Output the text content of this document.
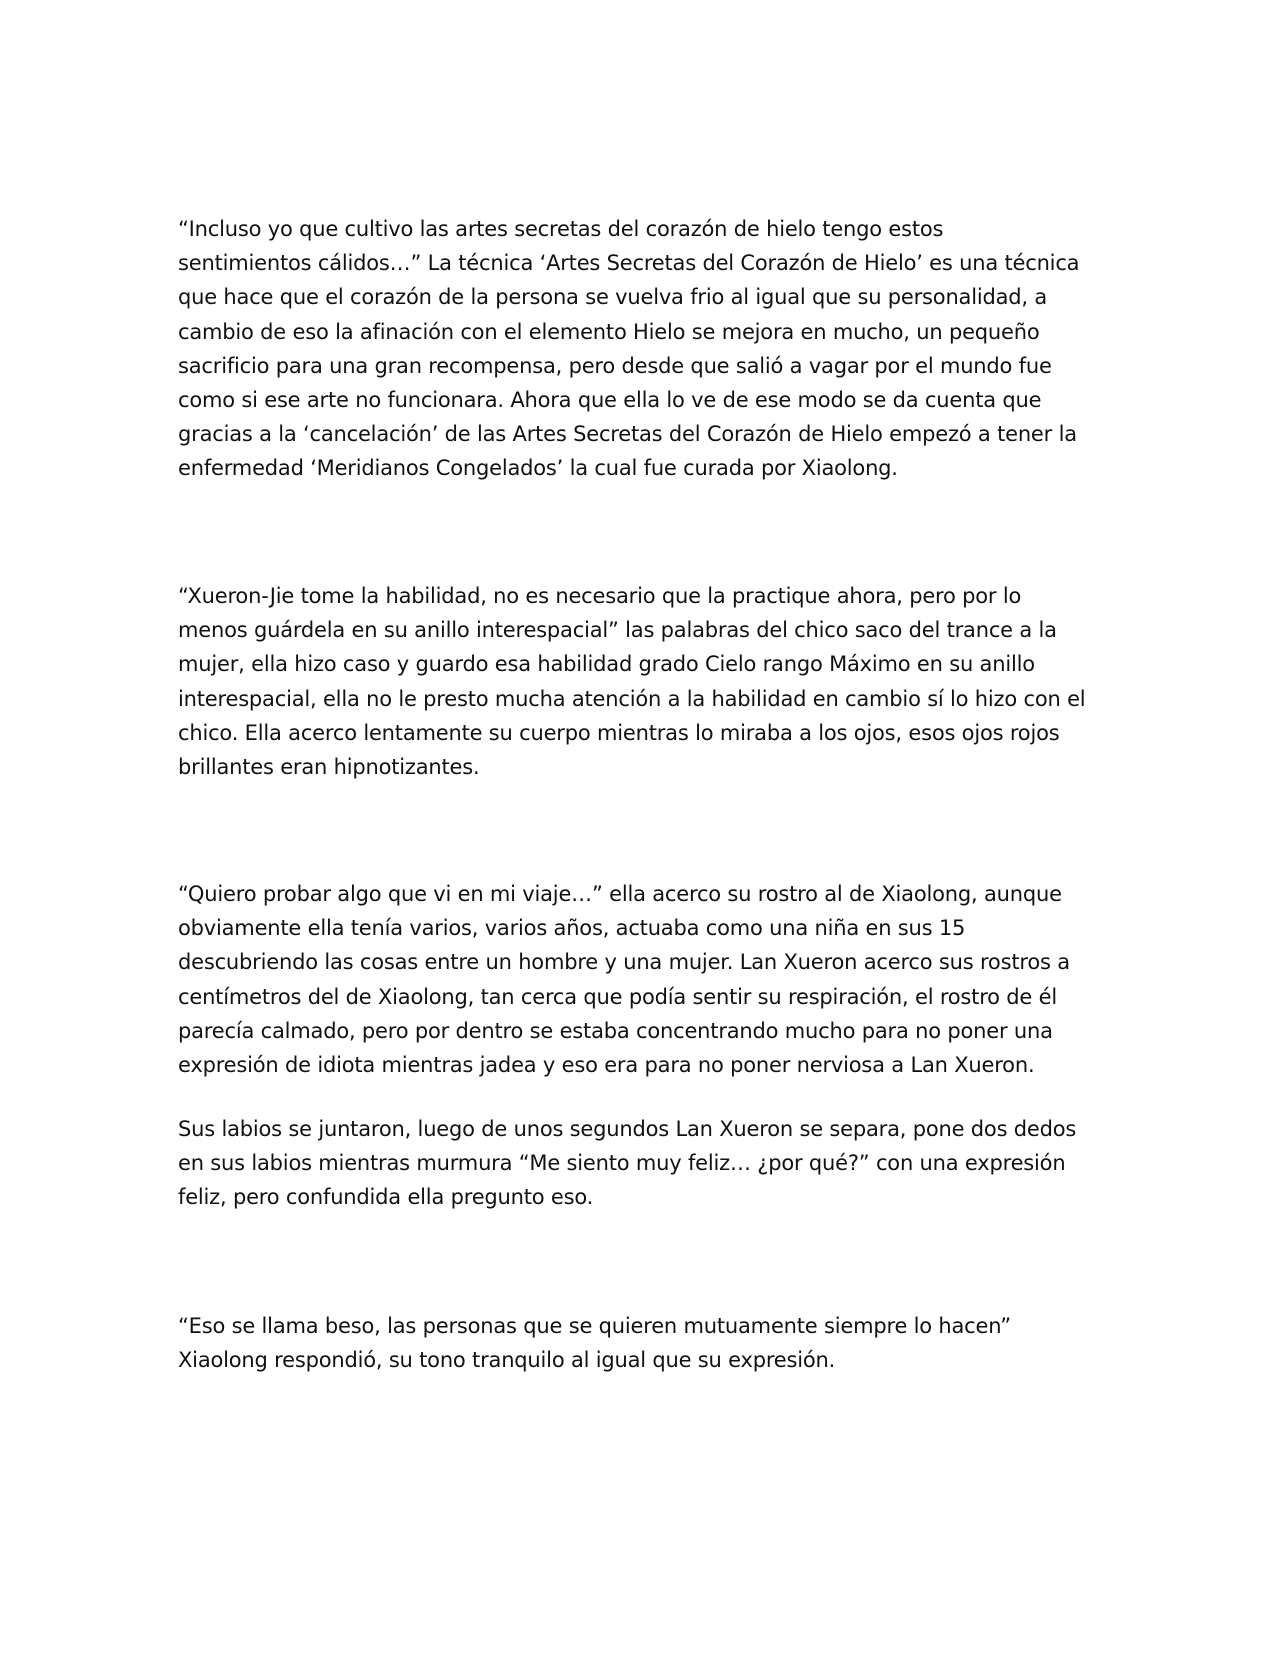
“Incluso yo que cultivo las artes secretas del corazón de hielo tengo estos
sentimientos cálidos…” La técnica ‘Artes Secretas del Corazón de Hielo’ es una técnica
que hace que el corazón de la persona se vuelva frio al igual que su personalidad, a
cambio de eso la afinación con el elemento Hielo se mejora en mucho, un pequeño
sacrificio para una gran recompensa, pero desde que salió a vagar por el mundo fue
como si ese arte no funcionara. Ahora que ella lo ve de ese modo se da cuenta que
gracias a la ‘cancelación’ de las Artes Secretas del Corazón de Hielo empezó a tener la
enfermedad ‘Meridianos Congelados’ la cual fue curada por Xiaolong.

“Xueron-Jie tome la habilidad, no es necesario que la practique ahora, pero por lo
menos guárdela en su anillo interespacial” las palabras del chico saco del trance a la
mujer, ella hizo caso y guardo esa habilidad grado Cielo rango Máximo en su anillo
interespacial, ella no le presto mucha atención a la habilidad en cambio sí lo hizo con el
chico. Ella acerco lentamente su cuerpo mientras lo miraba a los ojos, esos ojos rojos
brillantes eran hipnotizantes.

“Quiero probar algo que vi en mi viaje…” ella acerco su rostro al de Xiaolong, aunque
obviamente ella tenía varios, varios años, actuaba como una niña en sus 15
descubriendo las cosas entre un hombre y una mujer. Lan Xueron acerco sus rostros a
centímetros del de Xiaolong, tan cerca que podía sentir su respiración, el rostro de él
parecía calmado, pero por dentro se estaba concentrando mucho para no poner una
expresión de idiota mientras jadea y eso era para no poner nerviosa a Lan Xueron.

Sus labios se juntaron, luego de unos segundos Lan Xueron se separa, pone dos dedos
en sus labios mientras murmura “Me siento muy feliz… ¿por qué?” con una expresión
feliz, pero confundida ella pregunto eso.

“Eso se llama beso, las personas que se quieren mutuamente siempre lo hacen”
Xiaolong respondió, su tono tranquilo al igual que su expresión.
